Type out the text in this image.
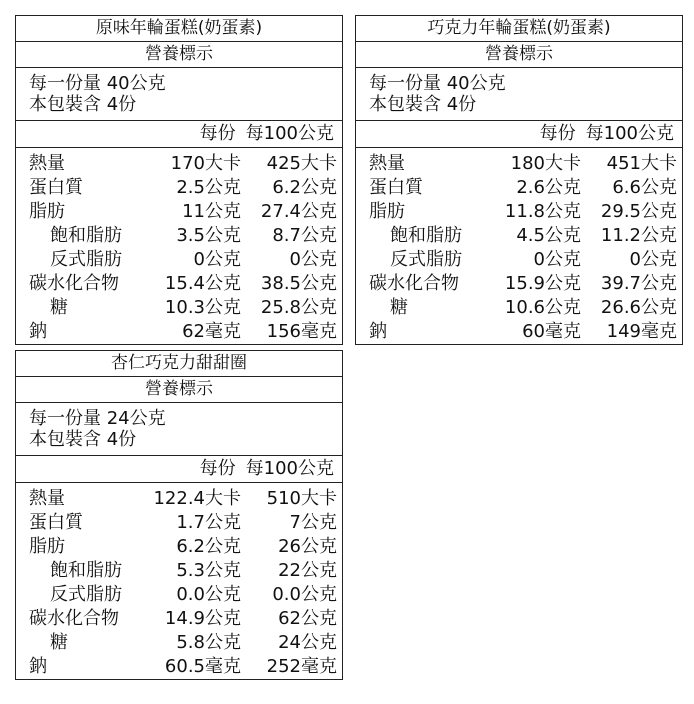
原味年輪蛋糕(奶蛋素)
營養標示
每一份量 40公克
本包裝含 4份
每份 每100公克
熱量	170大卡	425大卡
蛋白質	2.5公克	6.2公克
脂肪	11公克	27.4公克
飽和脂肪	3.5公克	8.7公克
反式脂肪	0公克	0公克
碳水化合物	15.4公克	38.5公克
糖	10.3公克	25.8公克
鈉	62毫克	156毫克
巧克力年輪蛋糕(奶蛋素)
營養標示
每一份量 40公克
本包裝含 4份
每份 每100公克
熱量	180大卡	451大卡
蛋白質	2.6公克	6.6公克
脂肪	11.8公克	29.5公克
飽和脂肪	4.5公克	11.2公克
反式脂肪	0公克	0公克
碳水化合物	15.9公克	39.7公克
糖	10.6公克	26.6公克
鈉	60毫克	149毫克
杏仁巧克力甜甜圈
營養標示
每一份量 24公克
本包裝含 4份
每份 每100公克
熱量	122.4大卡	510大卡
蛋白質	1.7公克	7公克
脂肪	6.2公克	26公克
飽和脂肪	5.3公克	22公克
反式脂肪	0.0公克	0.0公克
碳水化合物	14.9公克	62公克
糖	5.8公克	24公克
鈉	60.5毫克	252毫克
